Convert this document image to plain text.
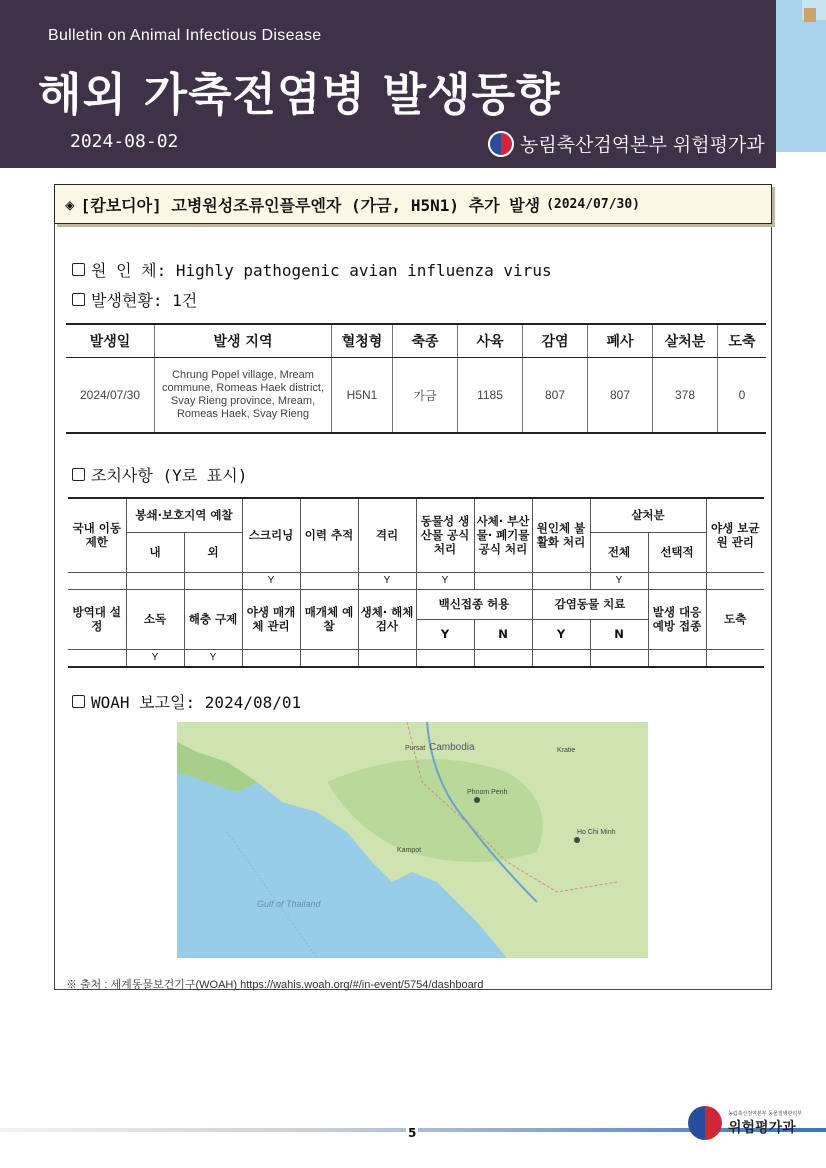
Bulletin on Animal Infectious Disease
해외 가축전염병 발생동향
2024-08-02	농림축산검역본부 위험평가과
◈ [캄보디아] 고병원성조류인플루엔자 (가금, H5N1) 추가 발생 (2024/07/30)
원 인 체: Highly pathogenic avian influenza virus
발생현황: 1건
발생일	발생 지역	혈청형	축종	사육	감염	폐사	살처분	도축
2024/07/30	Chrung Popel village, Mream commune, Romeas Haek district, Svay Rieng province, Mream, Romeas Haek, Svay Rieng	H5N1	가금	1185	807	807	378	0
조치사항 (Y로 표시)
국내 이동 제한	봉쇄·보호지역 예찰		스크리닝	이력 추적	격리	동물성 생산물 공식 처리	사체· 부산물· 폐기물 공식 처리	원인체 불활화 처리	살처분		야생 보균원 관리
	내	외							전체	선택적	
			Y		Y	Y			Y		
방역대 설정	소독	해충 구제	야생 매개체 관리	매개체 예찰	생체· 해체 검사	백신접종 허용		감염동물 치료		발생 대응 예방 접종	도축
						Y	N	Y	N		
	Y	Y									
WOAH 보고일: 2024/08/01
Cambodia
Gulf of Thailand
Phnom Penh
Ho Chi Minh
Kampot
Pursat	Kratie
※ 출처 : 세계동물보건기구(WOAH) https://wahis.woah.org/#/in-event/5754/dashboard
5
농림축산검역본부 동물질병관리부
위험평가과
